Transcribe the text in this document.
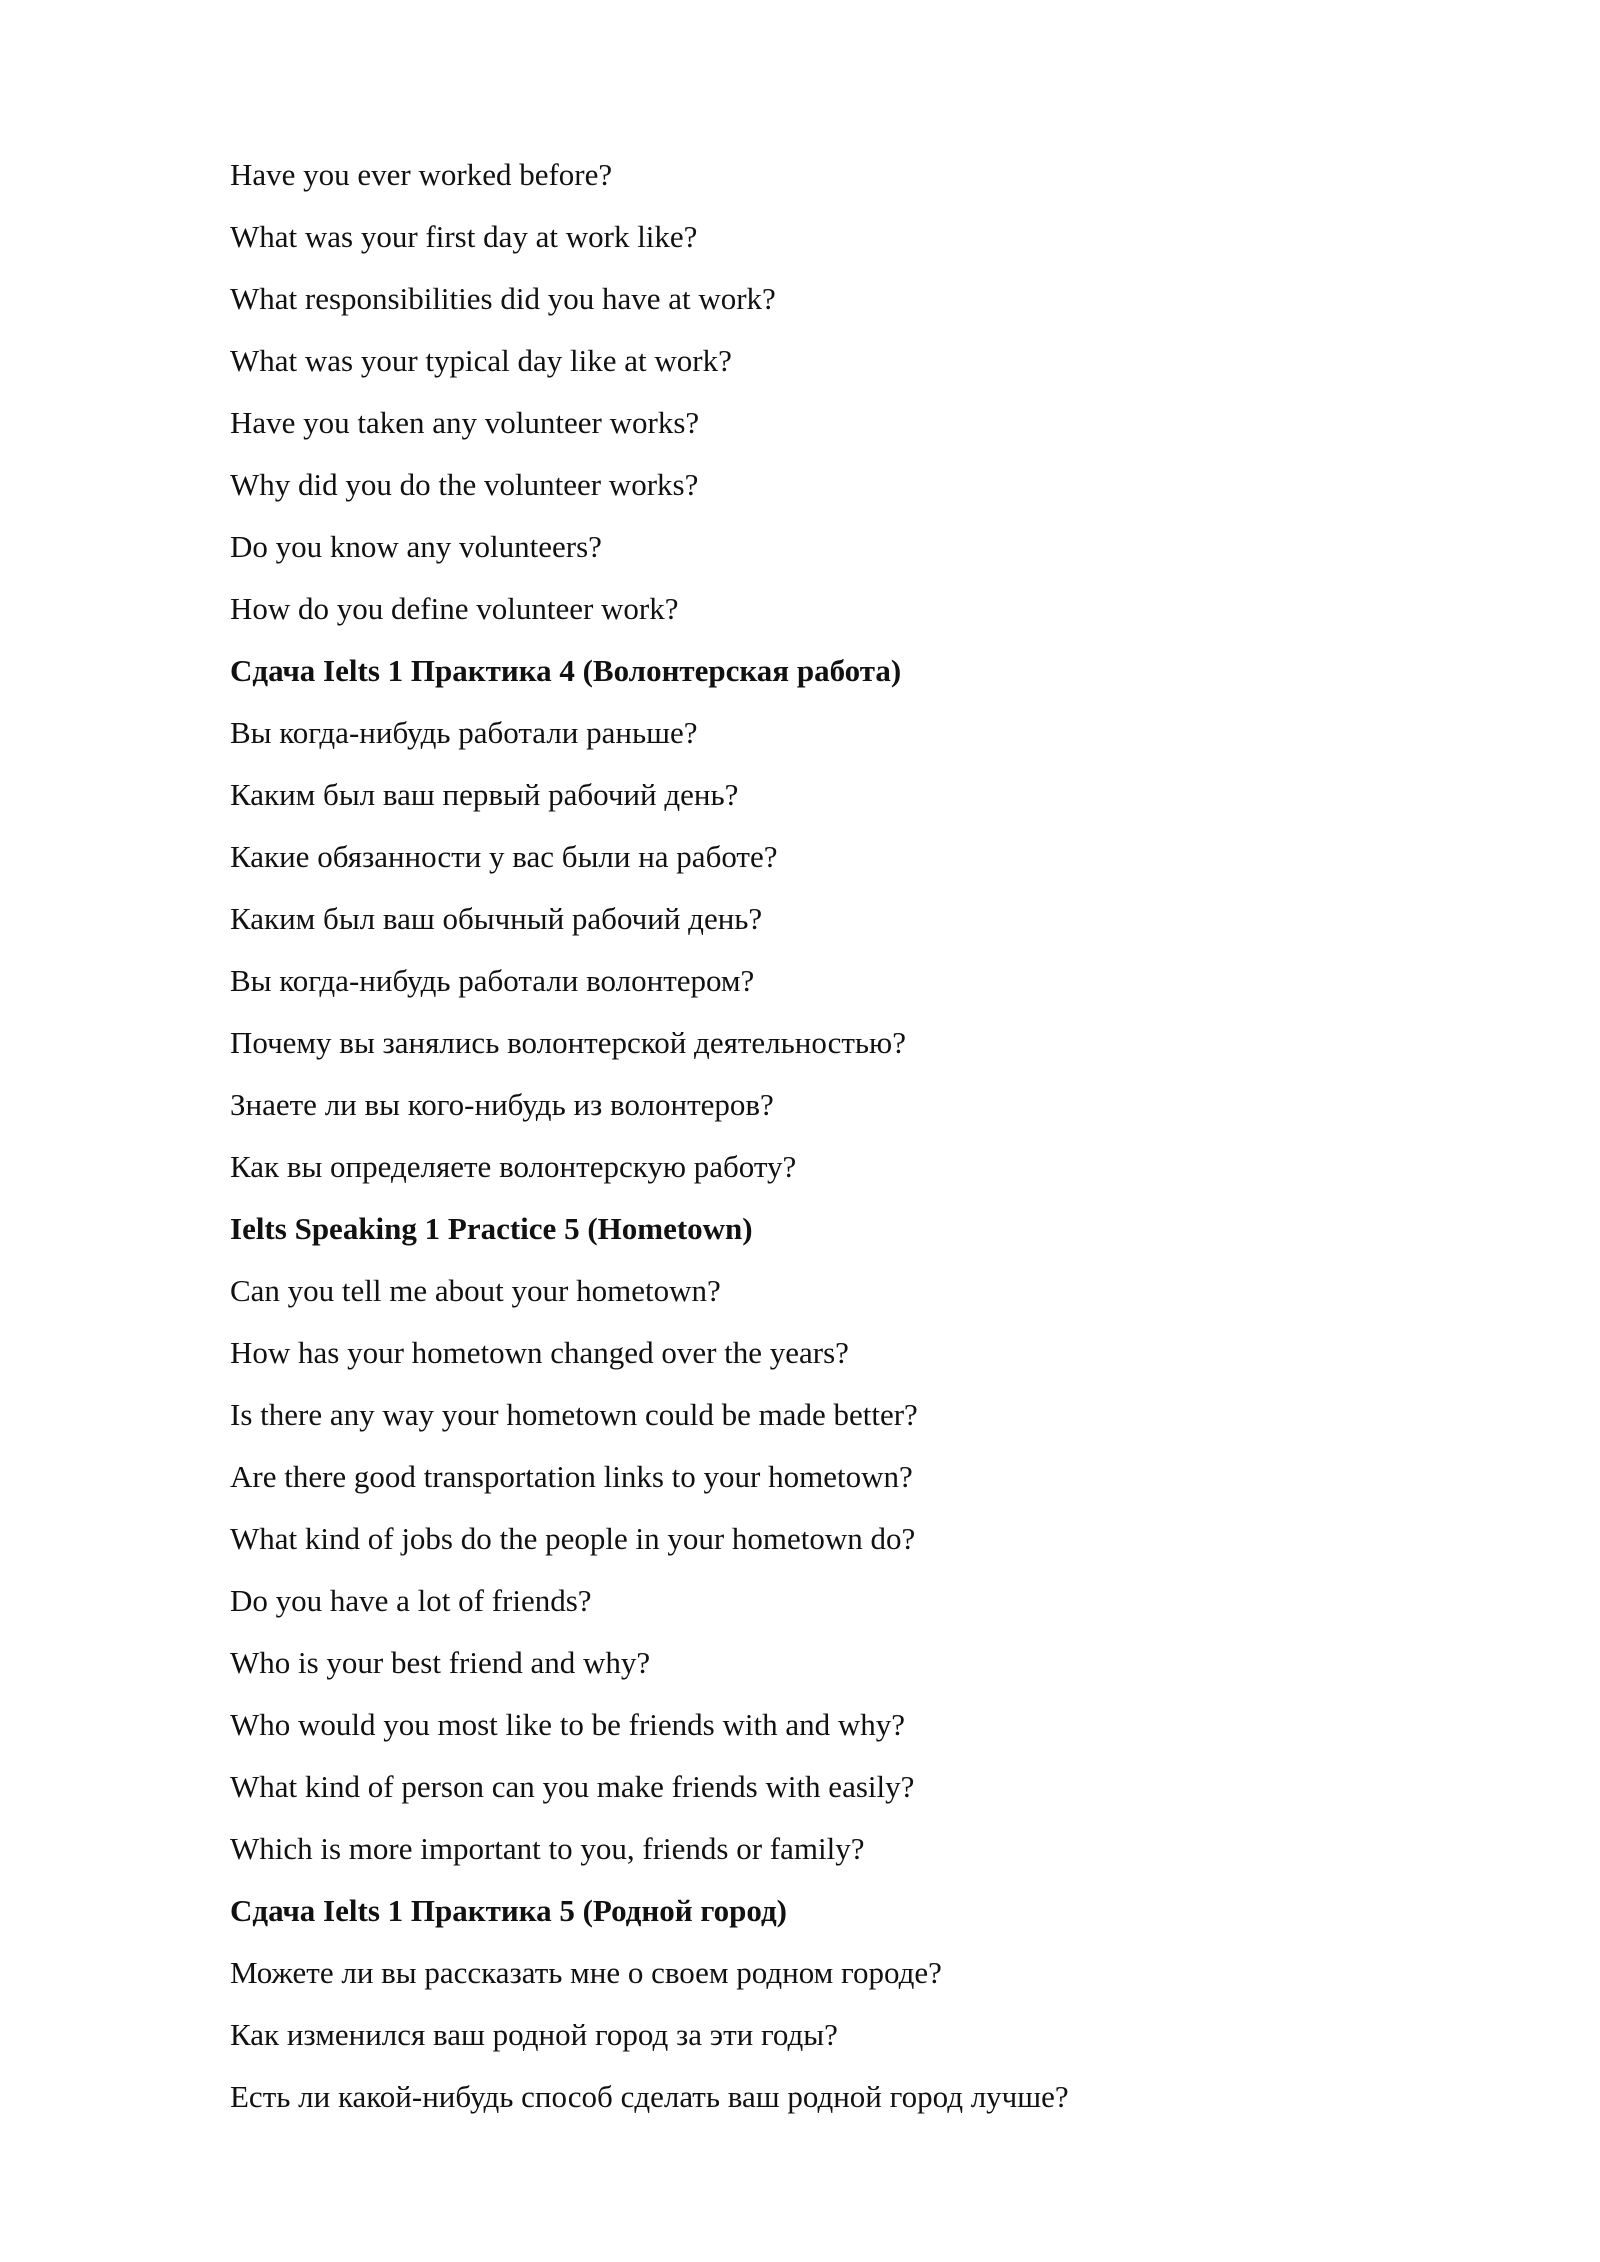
Have you ever worked before?
What was your first day at work like?
What responsibilities did you have at work?
What was your typical day like at work?
Have you taken any volunteer works?
Why did you do the volunteer works?
Do you know any volunteers?
How do you define volunteer work?
Сдача Ielts 1 Практика 4 (Волонтерская работа)
Вы когда-нибудь работали раньше?
Каким был ваш первый рабочий день?
Какие обязанности у вас были на работе?
Каким был ваш обычный рабочий день?
Вы когда-нибудь работали волонтером?
Почему вы занялись волонтерской деятельностью?
Знаете ли вы кого-нибудь из волонтеров?
Как вы определяете волонтерскую работу?
Ielts Speaking 1 Practice 5 (Hometown)
Can you tell me about your hometown?
How has your hometown changed over the years?
Is there any way your hometown could be made better?
Are there good transportation links to your hometown?
What kind of jobs do the people in your hometown do?
Do you have a lot of friends?
Who is your best friend and why?
Who would you most like to be friends with and why?
What kind of person can you make friends with easily?
Which is more important to you, friends or family?
Сдача Ielts 1 Практика 5 (Родной город)
Можете ли вы рассказать мне о своем родном городе?
Как изменился ваш родной город за эти годы?
Есть ли какой-нибудь способ сделать ваш родной город лучше?
